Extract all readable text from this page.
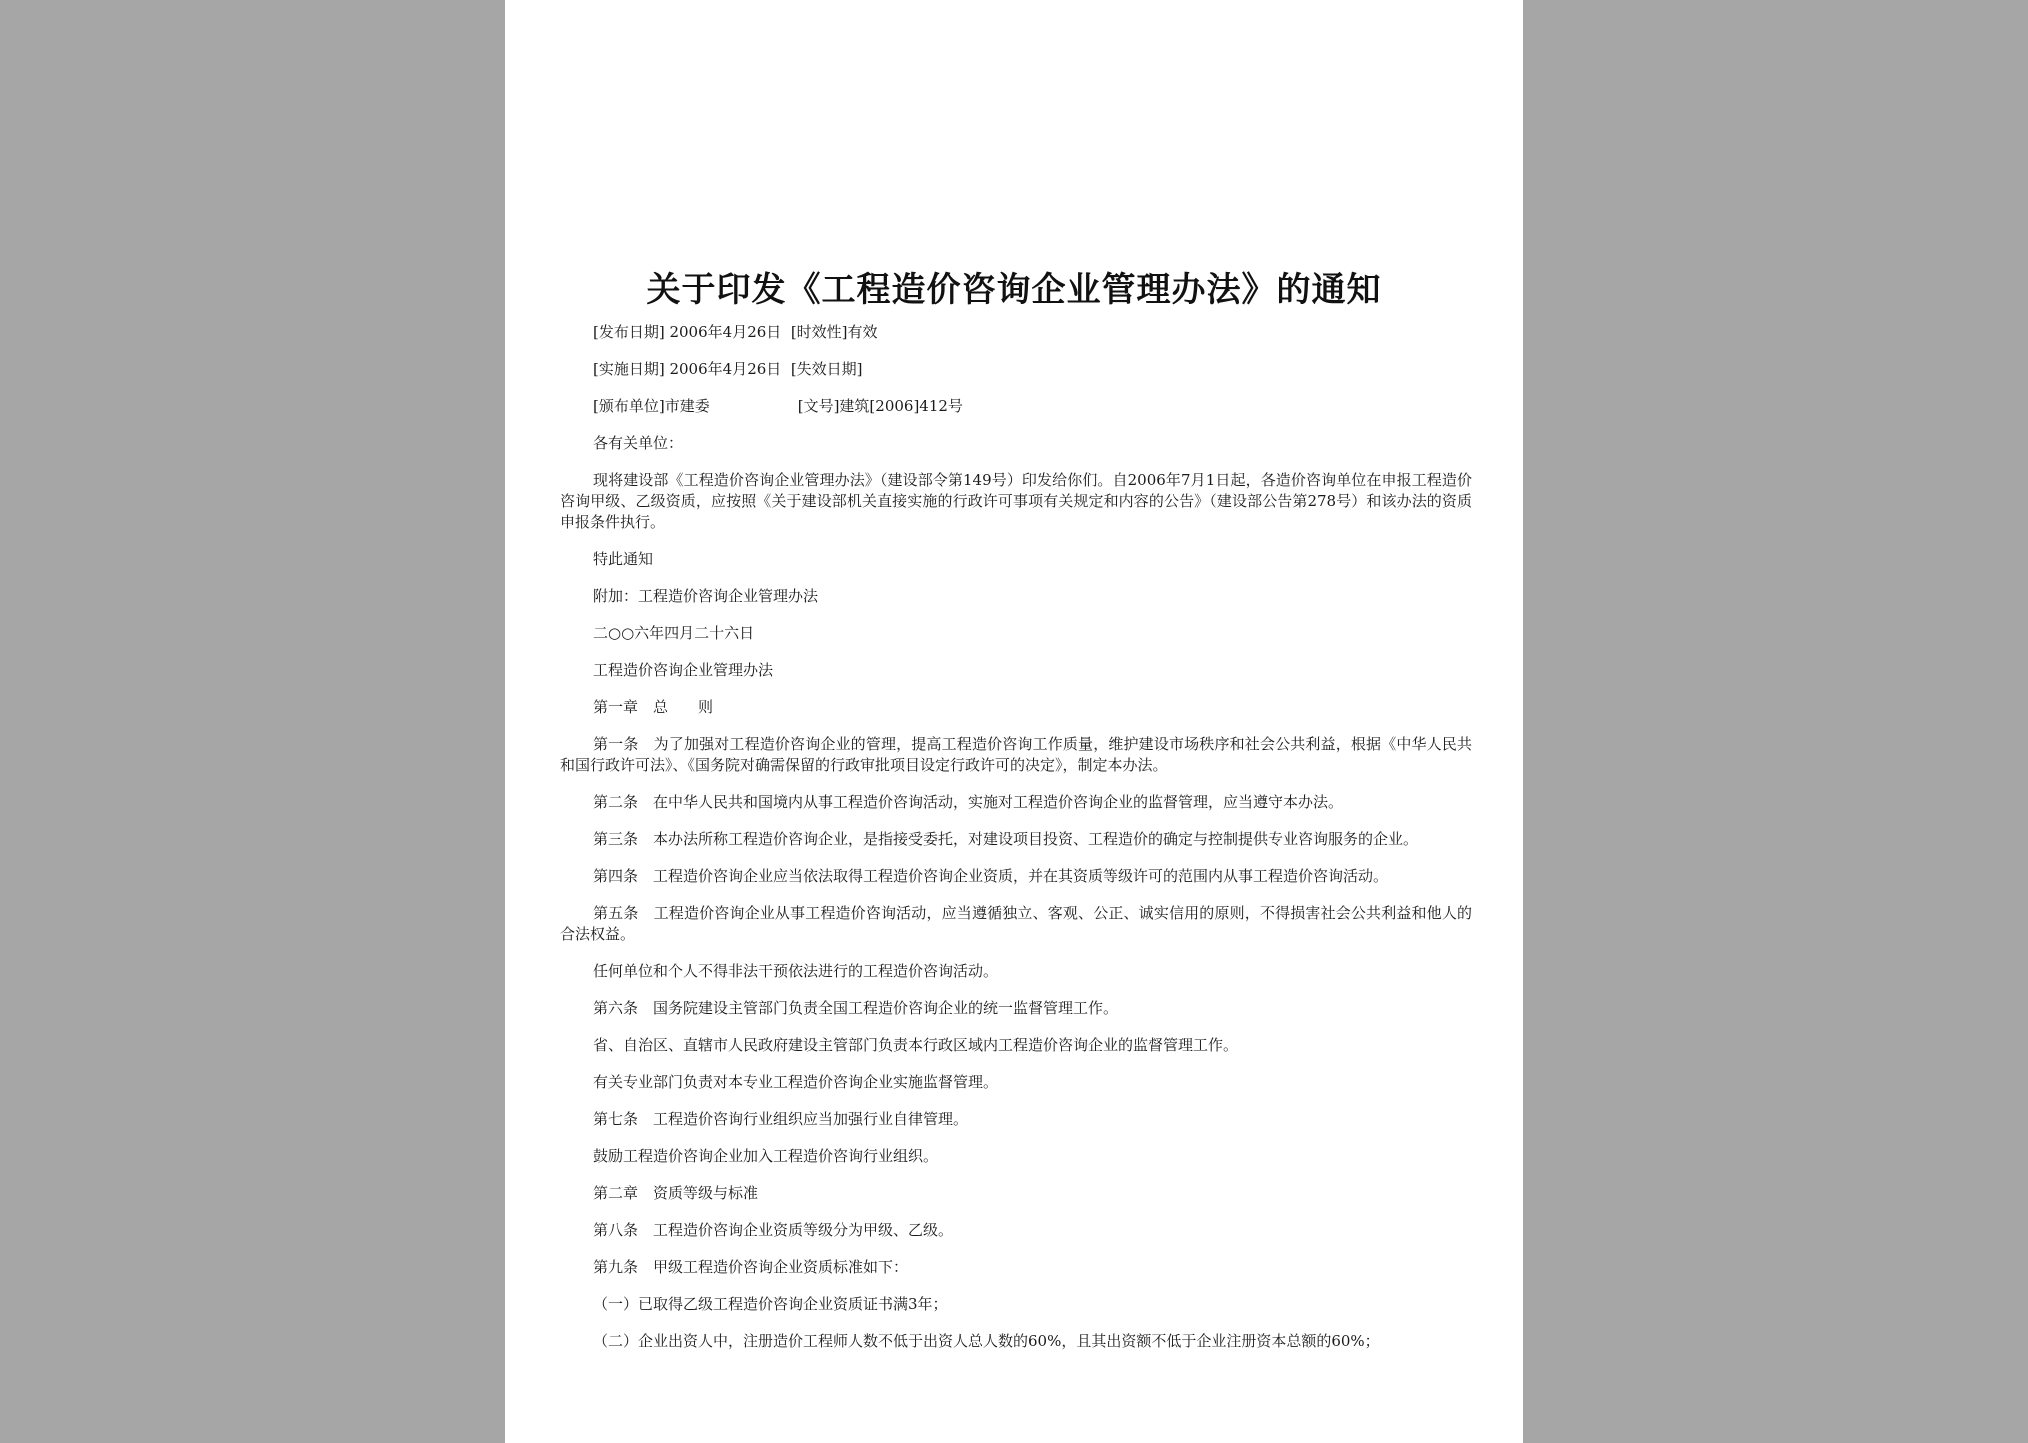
关于印发《工程造价咨询企业管理办法》的通知
[发布日期] 2006年4月26日 [时效性]有效
[实施日期] 2006年4月26日 [失效日期]
[颁布单位]市建委	[文号]建筑[2006]412号

各有关单位：

现将建设部《工程造价咨询企业管理办法》（建设部令第149号）印发给你们。自2006年7月1日起，各造价咨询单位在申报工程造价咨询甲级、乙级资质，应按照《关于建设部机关直接实施的行政许可事项有关规定和内容的公告》（建设部公告第278号）和该办法的资质申报条件执行。

特此通知

附加：工程造价咨询企业管理办法

二○○六年四月二十六日

工程造价咨询企业管理办法

第一章　总　　则

第一条　为了加强对工程造价咨询企业的管理，提高工程造价咨询工作质量，维护建设市场秩序和社会公共利益，根据《中华人民共和国行政许可法》、《国务院对确需保留的行政审批项目设定行政许可的决定》，制定本办法。

第二条　在中华人民共和国境内从事工程造价咨询活动，实施对工程造价咨询企业的监督管理，应当遵守本办法。

第三条　本办法所称工程造价咨询企业，是指接受委托，对建设项目投资、工程造价的确定与控制提供专业咨询服务的企业。

第四条　工程造价咨询企业应当依法取得工程造价咨询企业资质，并在其资质等级许可的范围内从事工程造价咨询活动。

第五条　工程造价咨询企业从事工程造价咨询活动，应当遵循独立、客观、公正、诚实信用的原则，不得损害社会公共利益和他人的合法权益。

任何单位和个人不得非法干预依法进行的工程造价咨询活动。

第六条　国务院建设主管部门负责全国工程造价咨询企业的统一监督管理工作。

省、自治区、直辖市人民政府建设主管部门负责本行政区域内工程造价咨询企业的监督管理工作。

有关专业部门负责对本专业工程造价咨询企业实施监督管理。

第七条　工程造价咨询行业组织应当加强行业自律管理。

鼓励工程造价咨询企业加入工程造价咨询行业组织。

第二章　资质等级与标准

第八条　工程造价咨询企业资质等级分为甲级、乙级。

第九条　甲级工程造价咨询企业资质标准如下：

（一）已取得乙级工程造价咨询企业资质证书满3年；

（二）企业出资人中，注册造价工程师人数不低于出资人总人数的60%，且其出资额不低于企业注册资本总额的60%；
